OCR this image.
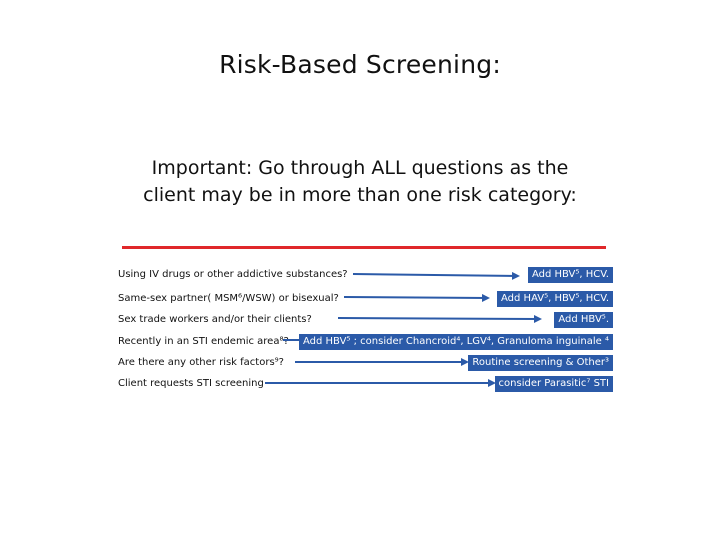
Risk-Based Screening:
Important: Go through ALL questions as the client may be in more than one risk category:
Using IV drugs or other addictive substances?
Same-sex partner( MSM⁶/WSW) or bisexual?
Sex trade workers and/or their clients?
Recently in an STI endemic area⁸?
Are there any other risk factors⁹?
Client requests STI screening
Add HBV⁵, HCV.
Add HAV⁵, HBV⁵, HCV.
Add HBV⁵.
Add HBV⁵ ; consider Chancroid⁴, LGV⁴, Granuloma inguinale ⁴
Routine screening & Other³
consider Parasitic⁷ STI
